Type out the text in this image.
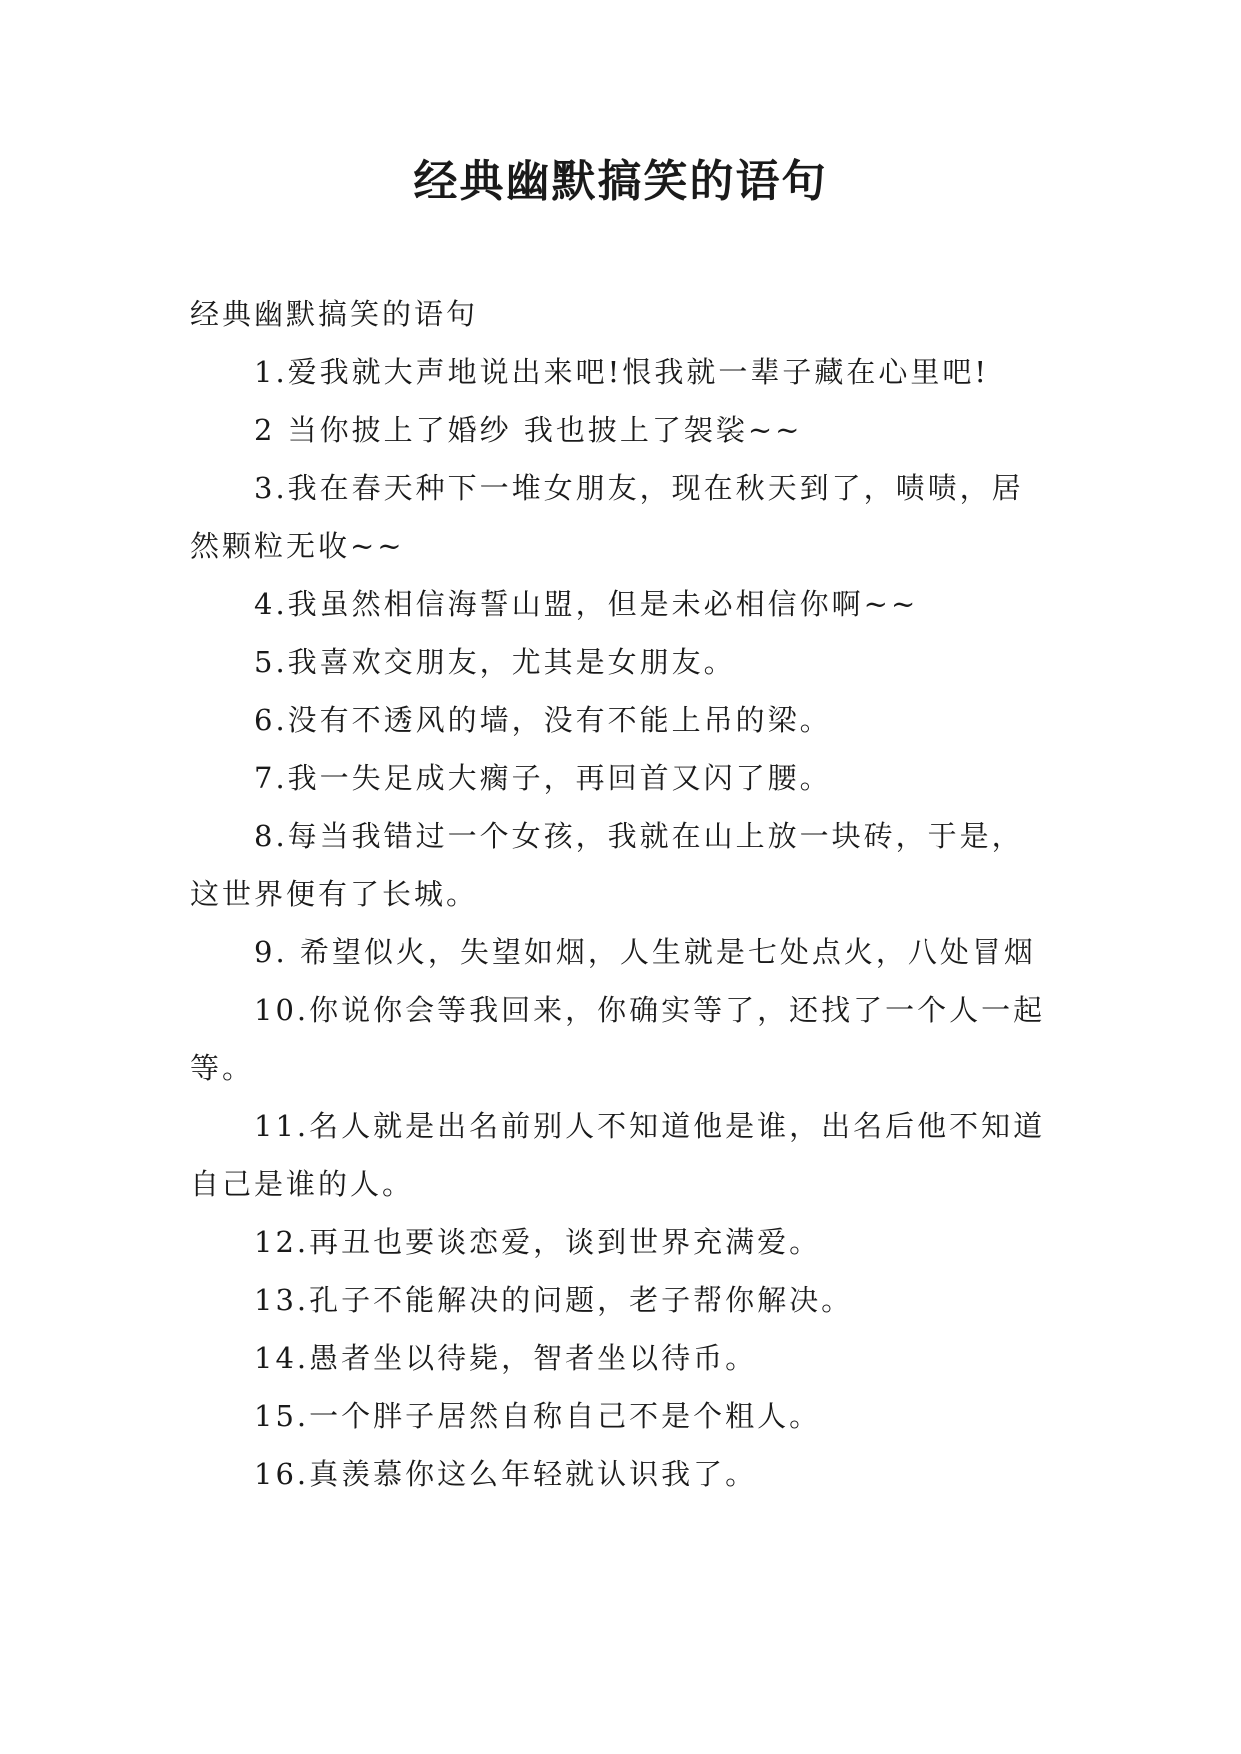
经典幽默搞笑的语句

经典幽默搞笑的语句

1.爱我就大声地说出来吧!恨我就一辈子藏在心里吧!

2 当你披上了婚纱 我也披上了袈裟~~

3.我在春天种下一堆女朋友，现在秋天到了，啧啧，居然颗粒无收~~

4.我虽然相信海誓山盟，但是未必相信你啊~~

5.我喜欢交朋友，尤其是女朋友。

6.没有不透风的墙，没有不能上吊的梁。

7.我一失足成大瘸子，再回首又闪了腰。

8.每当我错过一个女孩，我就在山上放一块砖，于是，这世界便有了长城。

9. 希望似火，失望如烟，人生就是七处点火，八处冒烟

10.你说你会等我回来，你确实等了，还找了一个人一起等。

11.名人就是出名前别人不知道他是谁，出名后他不知道自己是谁的人。

12.再丑也要谈恋爱，谈到世界充满爱。

13.孔子不能解决的问题，老子帮你解决。

14.愚者坐以待毙，智者坐以待币。

15.一个胖子居然自称自己不是个粗人。

16.真羡慕你这么年轻就认识我了。
